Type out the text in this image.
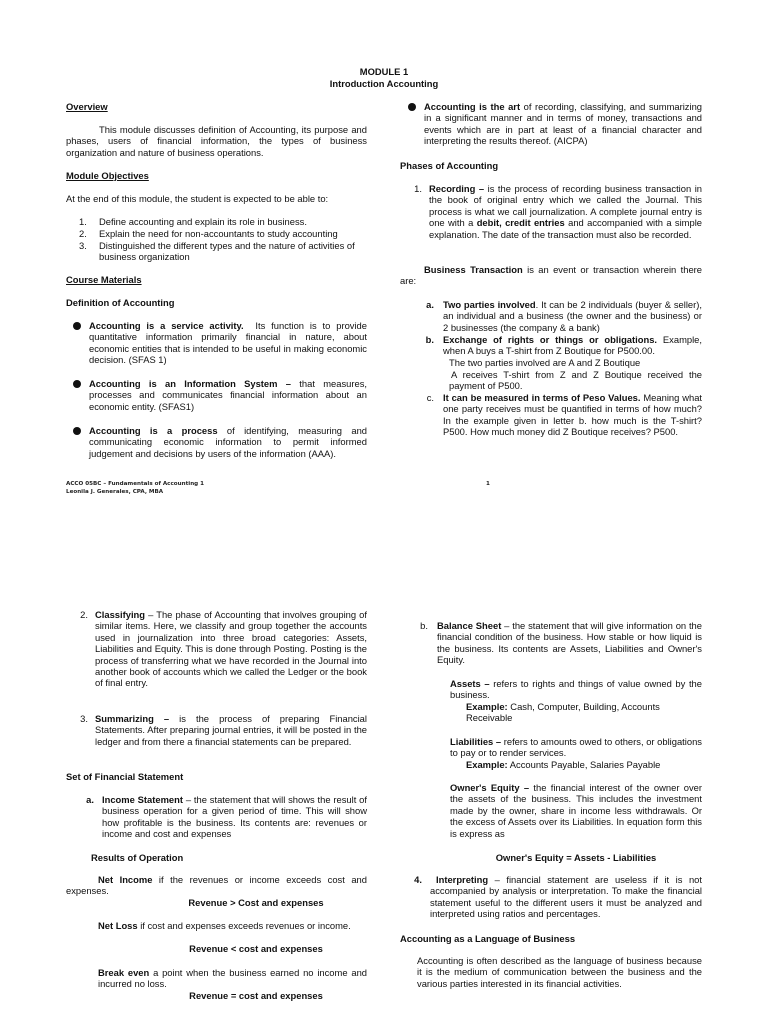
MODULE 1
Introduction Accounting
Overview
This module discusses definition of Accounting, its purpose and phases, users of financial information, the types of business organization and nature of business operations.
Module Objectives
At the end of this module, the student is expected to be able to:
1.	Define accounting and explain its role in business.
2.	Explain the need for non-accountants to study accounting
3.	Distinguished the different types and the nature of activities of business organization
Course Materials
Definition of Accounting
Accounting is a service activity. Its function is to provide quantitative information primarily financial in nature, about economic entities that is intended to be useful in making economic decision. (SFAS 1)
Accounting is an Information System – that measures, processes and communicates financial information about an economic entity. (SFAS1)
Accounting is a process of identifying, measuring and communicating economic information to permit informed judgement and decisions by users of the information (AAA).
Accounting is the art of recording, classifying, and summarizing in a significant manner and in terms of money, transactions and events which are in part at least of a financial character and interpreting the results thereof. (AICPA)
Phases of Accounting
1. Recording – is the process of recording business transaction in the book of original entry which we called the Journal. This process is what we call journalization. A complete journal entry is one with a debit, credit entries and accompanied with a simple explanation. The date of the transaction must also be recorded.
Business Transaction is an event or transaction wherein there are:
a. Two parties involved. It can be 2 individuals (buyer & seller), an individual and a business (the owner and the business) or 2 businesses (the company & a bank)
b. Exchange of rights or things or obligations. Example, when A buys a T-shirt from Z Boutique for P500.00.
The two parties involved are A and Z Boutique
A receives T-shirt from Z and Z Boutique received the payment of P500.
c. It can be measured in terms of Peso Values. Meaning what one party receives must be quantified in terms of how much? In the example given in letter b. how much is the T-shirt? P500. How much money did Z Boutique receives? P500.
ACCO 05BC – Fundamentals of Accounting 1
Leonila J. Generales, CPA, MBA
1
2. Classifying – The phase of Accounting that involves grouping of similar items. Here, we classify and group together the accounts used in journalization into three broad categories: Assets, Liabilities and Equity. This is done through Posting. Posting is the process of transferring what we have recorded in the Journal into another book of accounts which we called the Ledger or the book of final entry.
3. Summarizing – is the process of preparing Financial Statements. After preparing journal entries, it will be posted in the ledger and from there a financial statements can be prepared.
Set of Financial Statement
a. Income Statement – the statement that will shows the result of business operation for a given period of time. This will show how profitable is the business. Its contents are: revenues or income and cost and expenses
Results of Operation
Net Income if the revenues or income exceeds cost and expenses.
Revenue > Cost and expenses
Net Loss if cost and expenses exceeds revenues or income.
Revenue < cost and expenses
Break even a point when the business earned no income and incurred no loss.
Revenue = cost and expenses
b. Balance Sheet – the statement that will give information on the financial condition of the business. How stable or how liquid is the business. Its contents are Assets, Liabilities and Owner's Equity.
Assets – refers to rights and things of value owned by the business.
Example: Cash, Computer, Building, Accounts Receivable
Liabilities – refers to amounts owed to others, or obligations to pay or to render services.
Example: Accounts Payable, Salaries Payable
Owner's Equity – the financial interest of the owner over the assets of the business. This includes the investment made by the owner, share in income less withdrawals. Or the excess of Assets over its Liabilities. In equation form this is express as
Owner's Equity = Assets - Liabilities
4.	Interpreting – financial statement are useless if it is not accompanied by analysis or interpretation. To make the financial statement useful to the different users it must be analyzed and interpreted using ratios and percentages.
Accounting as a Language of Business
Accounting is often described as the language of business because it is the medium of communication between the business and the various parties interested in its financial activities.
